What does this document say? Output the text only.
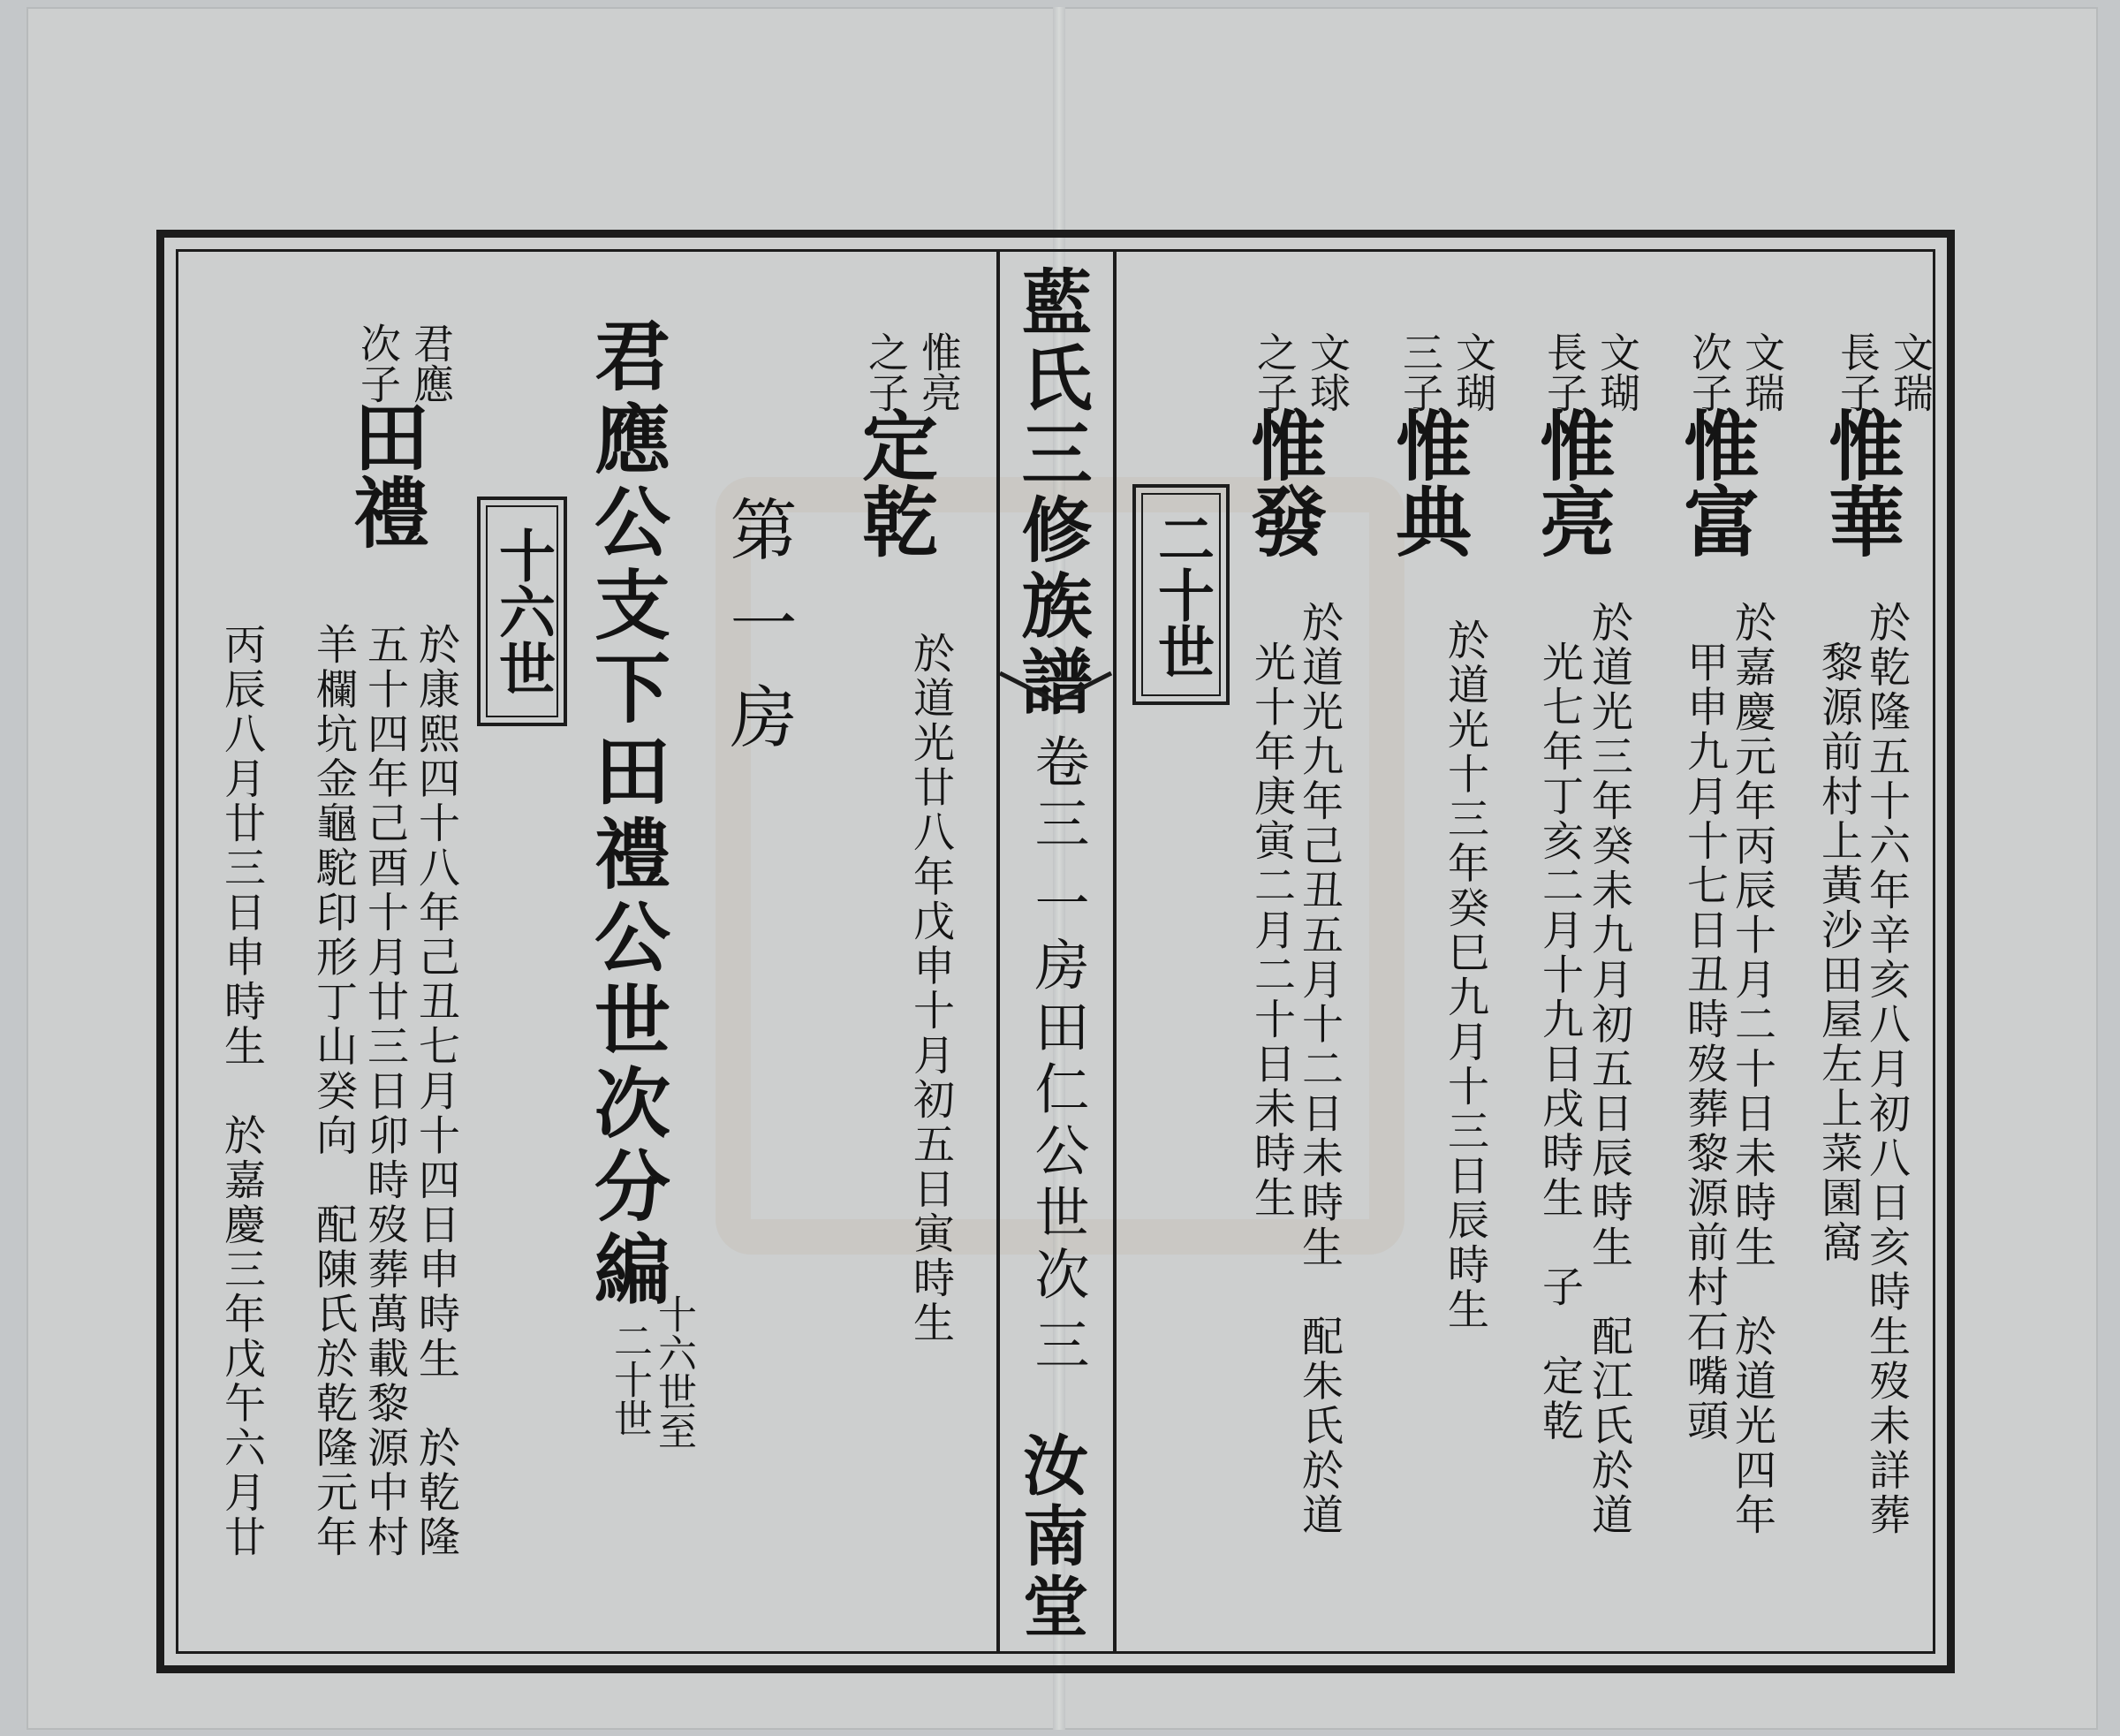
藍氏三修族譜
卷三
一房田仁公世次
三
汝南堂
二十世
文瑞
長子
惟華
於乾隆五十六年辛亥八月初八日亥時生歿未詳葬
黎源前村上黃沙田屋左上菜園窩
文瑞
次子
惟富
於嘉慶元年丙辰十月二十日未時生　於道光四年
甲申九月十七日丑時歿葬黎源前村石嘴頭
文瑚
長子
惟亮
於道光三年癸未九月初五日辰時生　配江氏於道
光七年丁亥二月十九日戌時生　子　定乾
文瑚
三子
惟典
於道光十三年癸巳九月十三日辰時生
文球
之子
惟發
於道光九年己丑五月十二日未時生　配朱氏於道
光十年庚寅二月二十日未時生
惟亮
之子
定乾
於道光廿八年戊申十月初五日寅時生
第一房
君應公支下田禮公世次分編
十六世至
二十世
十六世
君應
次子
田禮
於康熙四十八年己丑七月十四日申時生　於乾隆
五十四年己酉十月廿三日卯時歿葬萬載黎源中村
羊欄坑金龜駝印形丁山癸向　配陳氏於乾隆元年
丙辰八月廿三日申時生　於嘉慶三年戊午六月廿
